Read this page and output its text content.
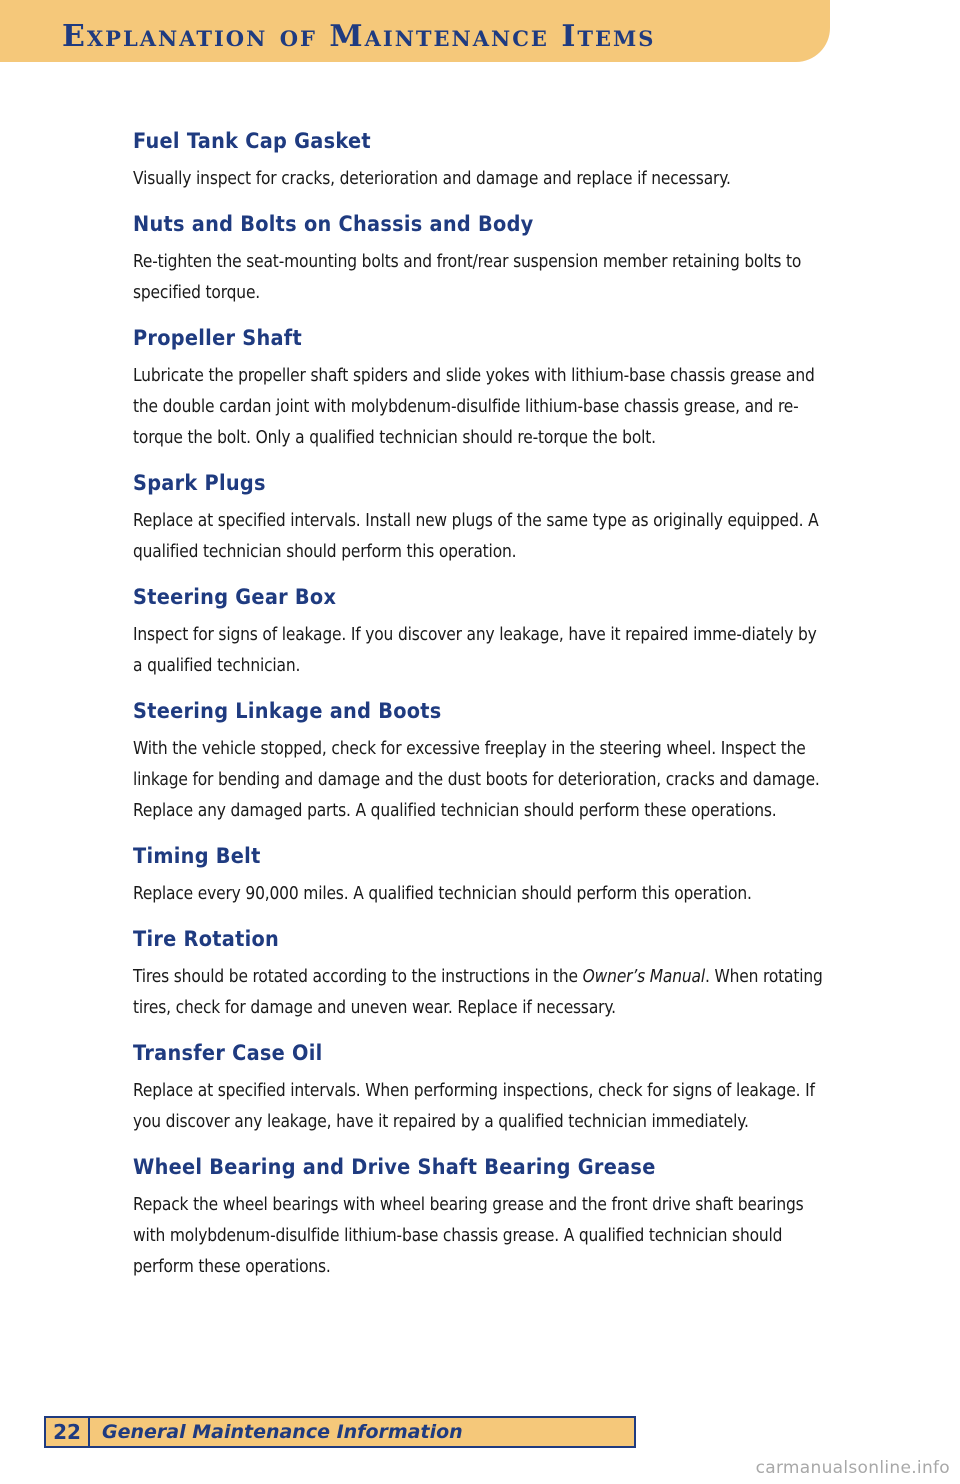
Explanation of Maintenance Items
Fuel Tank Cap Gasket

Visually inspect for cracks, deterioration and damage and replace if necessary.

Nuts and Bolts on Chassis and Body

Re-tighten the seat-mounting bolts and front/rear suspension member retaining bolts to specified torque.

Propeller Shaft

Lubricate the propeller shaft spiders and slide yokes with lithium-base chassis grease and the double cardan joint with molybdenum-disulfide lithium-base chassis grease, and re-torque the bolt. Only a qualified technician should re-torque the bolt.

Spark Plugs

Replace at specified intervals. Install new plugs of the same type as originally equipped. A qualified technician should perform this operation.

Steering Gear Box

Inspect for signs of leakage. If you discover any leakage, have it repaired imme-diately by a qualified technician.

Steering Linkage and Boots

With the vehicle stopped, check for excessive freeplay in the steering wheel. Inspect the linkage for bending and damage and the dust boots for deterioration, cracks and damage. Replace any damaged parts. A qualified technician should perform these operations.

Timing Belt

Replace every 90,000 miles. A qualified technician should perform this operation.

Tire Rotation

Tires should be rotated according to the instructions in the Owner’s Manual. When rotating tires, check for damage and uneven wear. Replace if necessary.

Transfer Case Oil

Replace at specified intervals. When performing inspections, check for signs of leakage. If you discover any leakage, have it repaired by a qualified technician immediately.

Wheel Bearing and Drive Shaft Bearing Grease

Repack the wheel bearings with wheel bearing grease and the front drive shaft bearings with molybdenum-disulfide lithium-base chassis grease. A qualified technician should perform these operations.

22	General Maintenance Information
carmanualsonline.info
